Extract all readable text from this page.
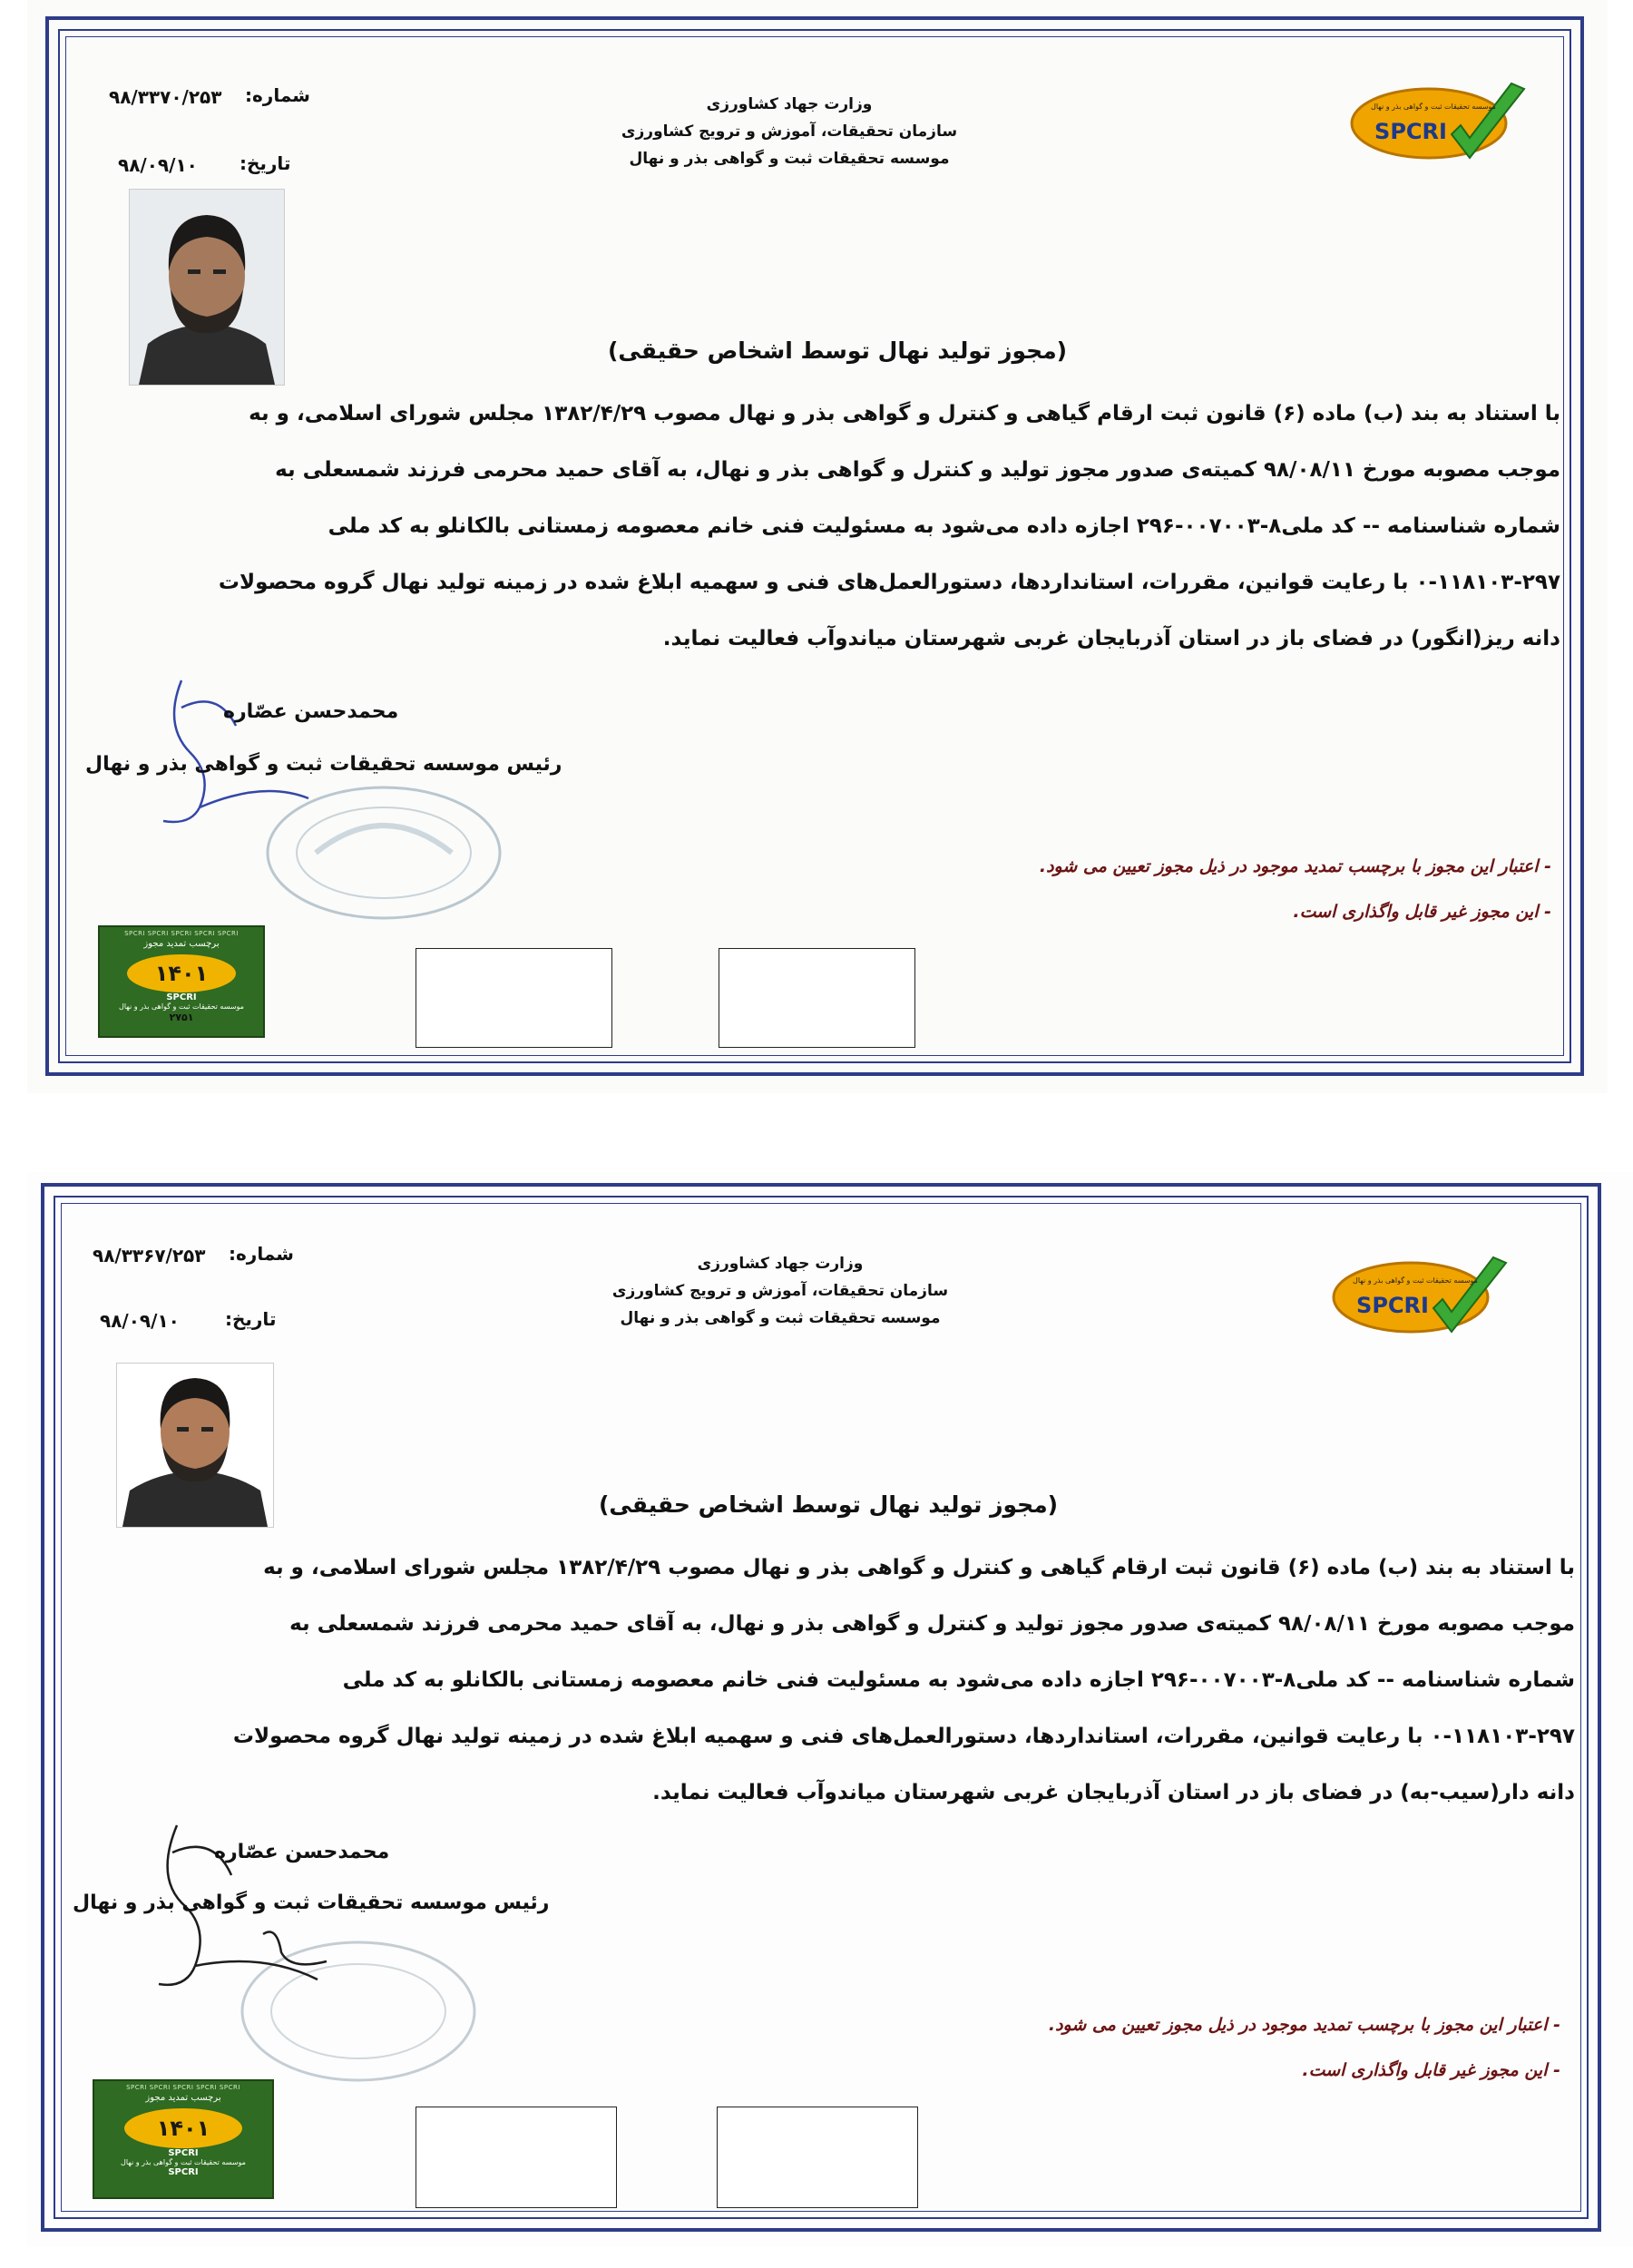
۹۸/۳۳۷۰/۲۵۳ شماره:
۹۸/۰۹/۱۰ تاریخ:
وزارت جهاد کشاورزی
سازمان تحقیقات، آموزش و ترویج کشاورزی
موسسه تحقیقات ثبت و گواهی بذر و نهال
SPCRI
موسسه تحقیقات ثبت و گواهی بذر و نهال
(مجوز تولید نهال توسط اشخاص حقیقی)
با استناد به بند (ب) ماده (۶) قانون ثبت ارقام گیاهی و کنترل و گواهی بذر و نهال مصوب ۱۳۸۲/۴/۲۹ مجلس شورای اسلامی، و به
موجب مصوبه مورخ ۹۸/۰۸/۱۱ کمیته‌ی صدور مجوز تولید و کنترل و گواهی بذر و نهال، به آقای حمید محرمی فرزند شمسعلی به
شماره شناسنامه -- کد ملی۸-۰۰۷۰۰۳-۲۹۶ اجازه داده می‌شود به مسئولیت فنی خانم معصومه زمستانی بالکانلو به کد ملی
۰-۱۱۸۱۰۳-۲۹۷ با رعایت قوانین، مقررات، استانداردها، دستورالعمل‌های فنی و سهمیه ابلاغ شده در زمینه تولید نهال گروه محصولات
دانه ریز(انگور) در فضای باز در استان آذربایجان غربی شهرستان میاندوآب فعالیت نماید.
محمدحسن عصّاره
رئیس موسسه تحقیقات ثبت و گواهی بذر و نهال
- اعتبار این مجوز با برچسب تمدید موجود در ذیل مجوز تعیین می شود.
- این مجوز غیر قابل واگذاری است.
SPCRI SPCRI SPCRI SPCRI SPCRI
برچسب تمدید مجوز
۱۴۰۱
SPCRI
موسسه تحقیقات ثبت و گواهی بذر و نهال
۲۷۵۱
۹۸/۳۳۶۷/۲۵۳ شماره:
۹۸/۰۹/۱۰	تاریخ:
وزارت جهاد کشاورزی
سازمان تحقیقات، آموزش و ترویج کشاورزی
موسسه تحقیقات ثبت و گواهی بذر و نهال	SPCRI
موسسه تحقیقات ثبت و گواهی بذر و نهال
(مجوز تولید نهال توسط اشخاص حقیقی)
با استناد به بند (ب) ماده (۶) قانون ثبت ارقام گیاهی و کنترل و گواهی بذر و نهال مصوب ۱۳۸۲/۴/۲۹ مجلس شورای اسلامی، و به
موجب مصوبه مورخ ۹۸/۰۸/۱۱ کمیته‌ی صدور مجوز تولید و کنترل و گواهی بذر و نهال، به آقای حمید محرمی فرزند شمسعلی به
شماره شناسنامه -- کد ملی۸-۰۰۷۰۰۳-۲۹۶ اجازه داده می‌شود به مسئولیت فنی خانم معصومه زمستانی بالکانلو به کد ملی
۰-۱۱۸۱۰۳-۲۹۷ با رعایت قوانین، مقررات، استانداردها، دستورالعمل‌های فنی و سهمیه ابلاغ شده در زمینه تولید نهال گروه محصولات
دانه دار(سیب-به) در فضای باز در استان آذربایجان غربی شهرستان میاندوآب فعالیت نماید.
محمدحسن عصّاره
رئیس موسسه تحقیقات ثبت و گواهی بذر و نهال
- اعتبار این مجوز با برچسب تمدید موجود در ذیل مجوز تعیین می شود.
- این مجوز غیر قابل واگذاری است.
SPCRI SPCRI SPCRI SPCRI SPCRI
برچسب تمدید مجوز
۱۴۰۱
SPCRI
موسسه تحقیقات ثبت و گواهی بذر و نهال
SPCRI
